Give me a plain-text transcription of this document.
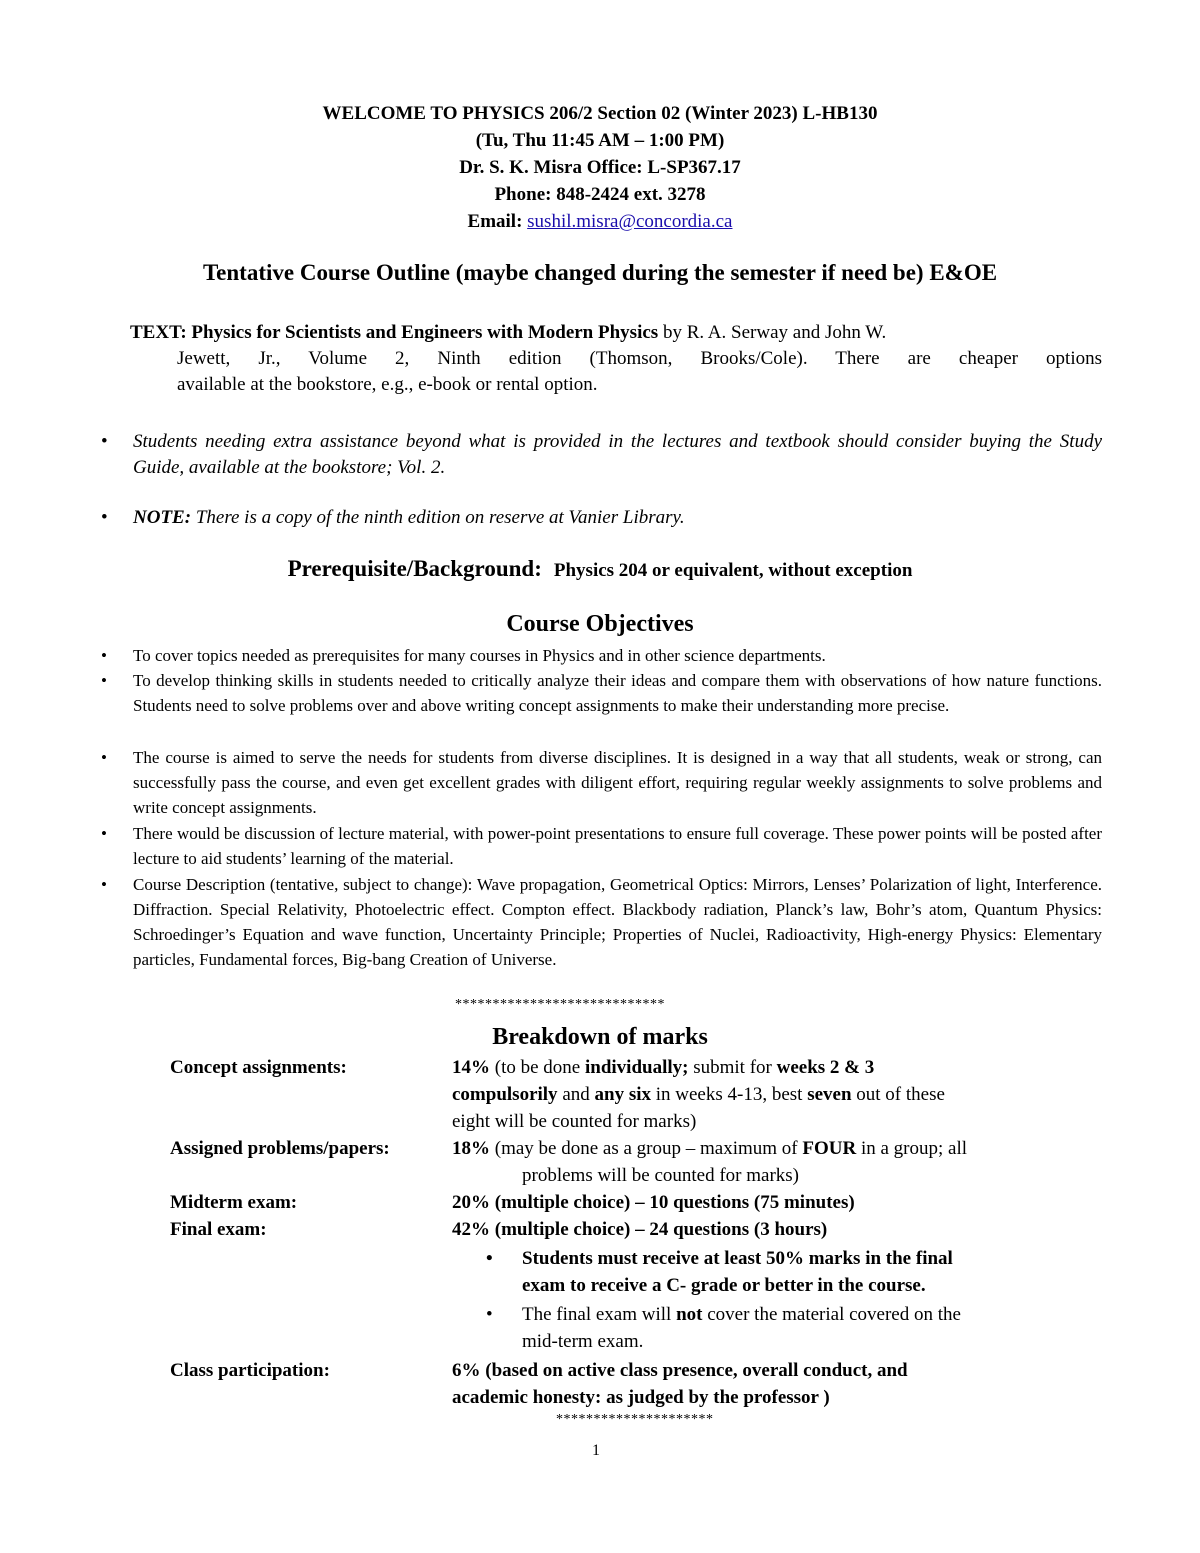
WELCOME TO PHYSICS 206/2 Section 02 (Winter 2023) L-HB130
(Tu, Thu 11:45 AM – 1:00 PM)
Dr. S. K. Misra Office: L-SP367.17
Phone: 848-2424 ext. 3278
Email: sushil.misra@concordia.ca
Tentative Course Outline (maybe changed during the semester if need be) E&OE
TEXT: Physics for Scientists and Engineers with Modern Physics by R. A. Serway and John W.
Jewett, Jr., Volume 2, Ninth edition (Thomson, Brooks/Cole). There are cheaper options
available at the bookstore, e.g., e-book or rental option.
• Students needing extra assistance beyond what is provided in the lectures and textbook should consider buying the Study Guide, available at the bookstore; Vol. 2.
• NOTE: There is a copy of the ninth edition on reserve at Vanier Library.
Prerequisite/Background: Physics 204 or equivalent, without exception
Course Objectives
• To cover topics needed as prerequisites for many courses in Physics and in other science departments.
• To develop thinking skills in students needed to critically analyze their ideas and compare them with observations of how nature functions. Students need to solve problems over and above writing concept assignments to make their understanding more precise.
• The course is aimed to serve the needs for students from diverse disciplines. It is designed in a way that all students, weak or strong, can successfully pass the course, and even get excellent grades with diligent effort, requiring regular weekly assignments to solve problems and write concept assignments.
• There would be discussion of lecture material, with power-point presentations to ensure full coverage. These power points will be posted after lecture to aid students’ learning of the material.
• Course Description (tentative, subject to change): Wave propagation, Geometrical Optics: Mirrors, Lenses’ Polarization of light, Interference. Diffraction. Special Relativity, Photoelectric effect. Compton effect. Blackbody radiation, Planck’s law, Bohr’s atom, Quantum Physics: Schroedinger’s Equation and wave function, Uncertainty Principle; Properties of Nuclei, Radioactivity, High-energy Physics: Elementary particles, Fundamental forces, Big-bang Creation of Universe.
****************************
Breakdown of marks
Concept assignments:	14% (to be done individually; submit for weeks 2 & 3
compulsorily and any six in weeks 4-13, best seven out of these
eight will be counted for marks)
Assigned problems/papers:	18% (may be done as a group – maximum of FOUR in a group; all
problems will be counted for marks)
Midterm exam:	20% (multiple choice) – 10 questions (75 minutes)
Final exam:	42% (multiple choice) – 24 questions (3 hours)
• Students must receive at least 50% marks in the final
exam to receive a C- grade or better in the course.
• The final exam will not cover the material covered on the
mid-term exam.
Class participation:	6% (based on active class presence, overall conduct, and
academic honesty: as judged by the professor )
*********************
1
